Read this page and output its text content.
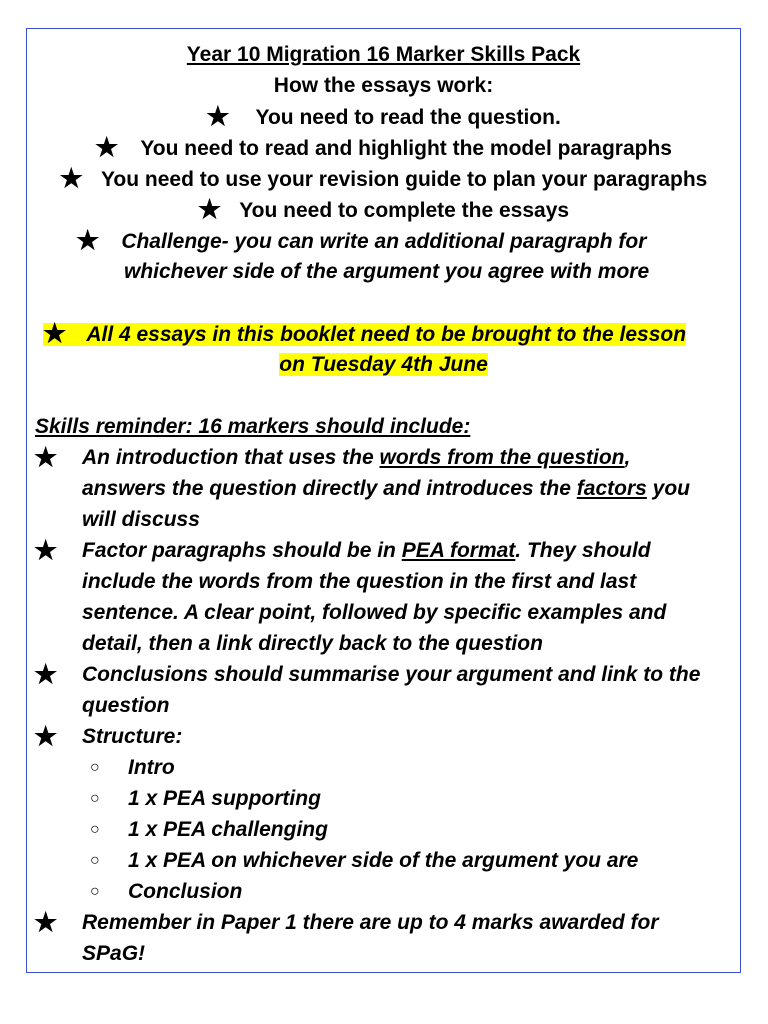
Year 10 Migration 16 Marker Skills Pack
How the essays work:
★ You need to read the question.
★ You need to read and highlight the model paragraphs
★ You need to use your revision guide to plan your paragraphs
★ You need to complete the essays
★ Challenge- you can write an additional paragraph for
whichever side of the argument you agree with more
★ All 4 essays in this booklet need to be brought to the lesson
on Tuesday 4th June
Skills reminder: 16 markers should include:
★ An introduction that uses the words from the question,
answers the question directly and introduces the factors you
will discuss
★ Factor paragraphs should be in PEA format. They should
include the words from the question in the first and last
sentence. A clear point, followed by specific examples and
detail, then a link directly back to the question
★ Conclusions should summarise your argument and link to the
question
★ Structure:
○ Intro
○ 1 x PEA supporting
○ 1 x PEA challenging
○ 1 x PEA on whichever side of the argument you are
○ Conclusion
★ Remember in Paper 1 there are up to 4 marks awarded for
SPaG!
